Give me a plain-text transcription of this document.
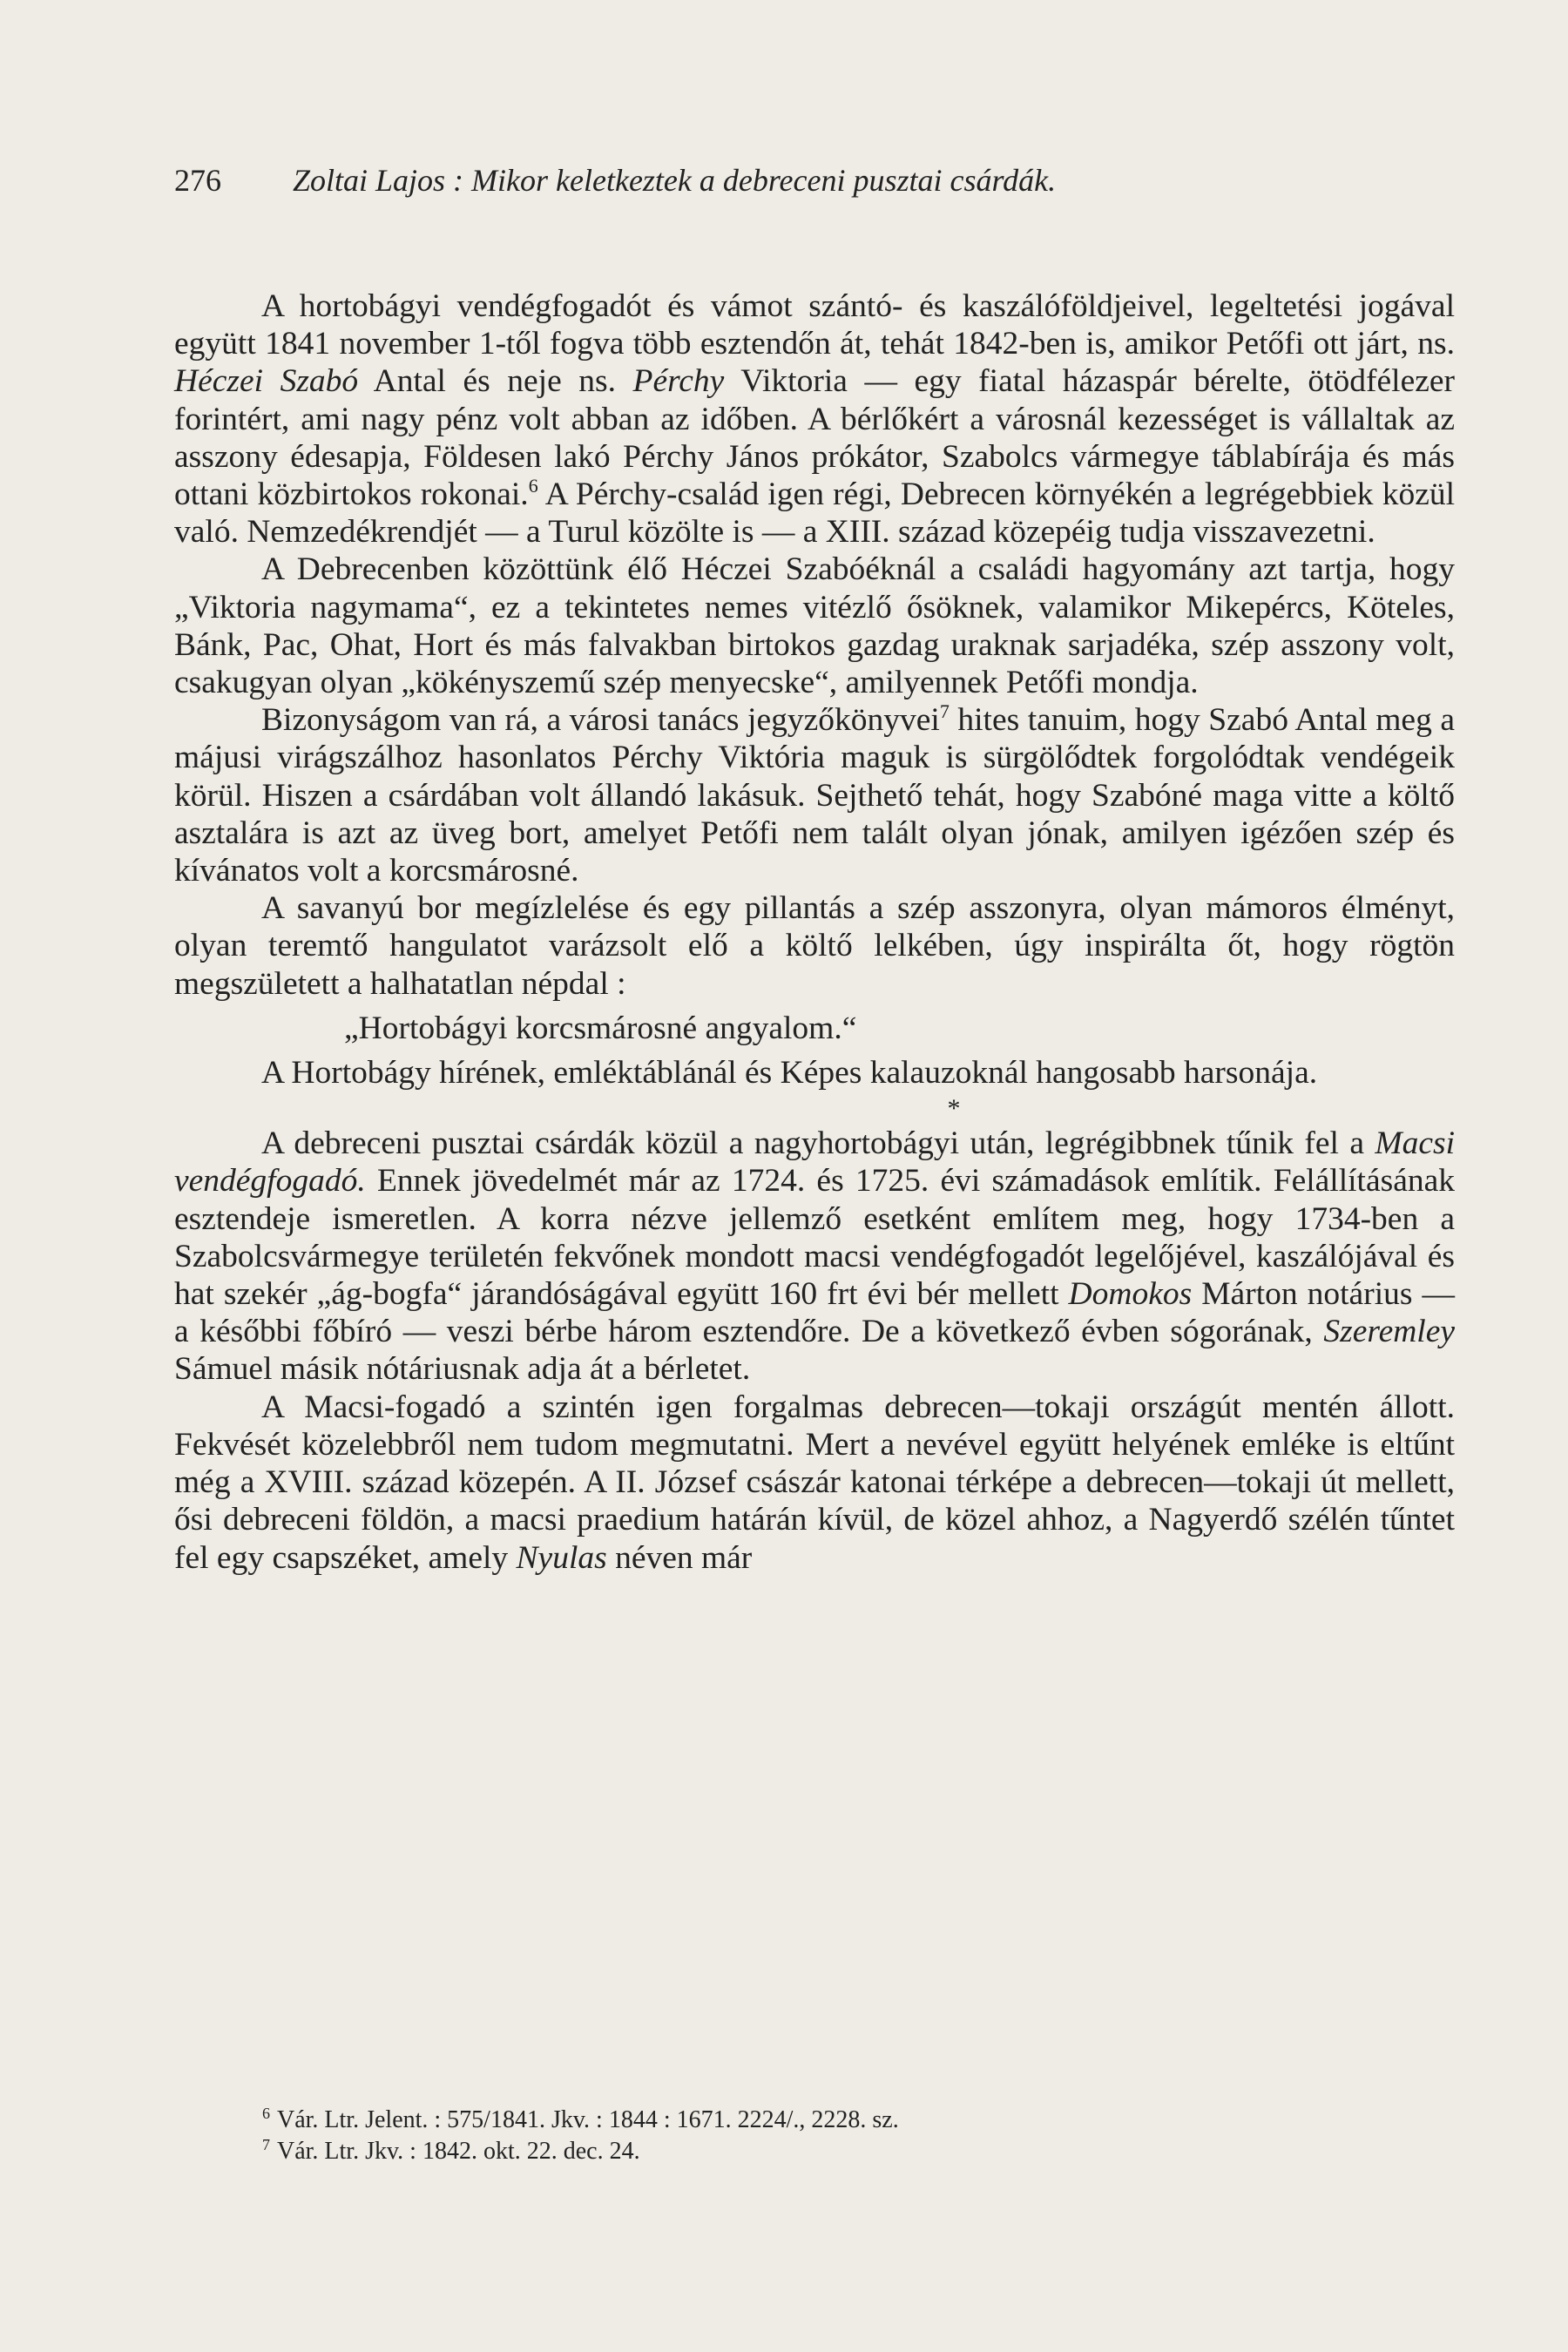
276 Zoltai Lajos : Mikor keletkeztek a debreceni pusztai csárdák.

A hortobágyi vendégfogadót és vámot szántó- és kaszálóföldjeivel, legeltetési jogával együtt 1841 november 1-től fogva több esztendőn át, tehát 1842-ben is, amikor Petőfi ott járt, ns. Héczei Szabó Antal és neje ns. Pérchy Viktoria — egy fiatal házaspár bérelte, ötödfélezer forintért, ami nagy pénz volt abban az időben. A bérlőkért a városnál kezességet is vállaltak az asszony édesapja, Földesen lakó Pérchy János prókátor, Szabolcs vármegye táblabírája és más ottani közbirtokos rokonai.$^6$ A Pérchy-család igen régi, Debrecen környékén a legrégebbiek közül való. Nemzedékrendjét — a Turul közölte is — a XIII. század közepéig tudja visszavezetni.

A Debrecenben közöttünk élő Héczei Szabóéknál a családi hagyomány azt tartja, hogy „Viktoria nagymama“, ez a tekintetes nemes vitézlő ősöknek, valamikor Mikepércs, Köteles, Bánk, Pac, Ohat, Hort és más falvakban birtokos gazdag uraknak sarjadéka, szép asszony volt, csakugyan olyan „kökényszemű szép menyecske“, amilyennek Petőfi mondja.

Bizonyságom van rá, a városi tanács jegyzőkönyvei$^7$ hites tanuim, hogy Szabó Antal meg a májusi virágszálhoz hasonlatos Pérchy Viktória maguk is sürgölődtek forgolódtak vendégeik körül. Hiszen a csárdában volt állandó lakásuk. Sejthető tehát, hogy Szabóné maga vitte a költő asztalára is azt az üveg bort, amelyet Petőfi nem talált olyan jónak, amilyen igézően szép és kívánatos volt a korcsmárosné.

A savanyú bor megízlelése és egy pillantás a szép asszonyra, olyan mámoros élményt, olyan teremtő hangulatot varázsolt elő a költő lelkében, úgy inspirálta őt, hogy rögtön megszületett a halhatatlan népdal :

„Hortobágyi korcsmárosné angyalom.“

A Hortobágy hírének, emléktáblánál és Képes kalauzoknál hangosabb harsonája.

*

A debreceni pusztai csárdák közül a nagyhortobágyi után, legrégibbnek tűnik fel a Macsi vendégfogadó. Ennek jövedelmét már az 1724. és 1725. évi számadások említik. Felállításának esztendeje ismeretlen. A korra nézve jellemző esetként említem meg, hogy 1734-ben a Szabolcsvármegye területén fekvőnek mondott macsi vendégfogadót legelőjével, kaszálójával és hat szekér „ág-bogfa“ járandóságával együtt 160 frt évi bér mellett Domokos Márton notárius — a későbbi főbíró — veszi bérbe három esztendőre. De a következő évben sógorának, Szeremley Sámuel másik nótáriusnak adja át a bérletet.

A Macsi-fogadó a szintén igen forgalmas debrecen—tokaji országút mentén állott. Fekvését közelebbről nem tudom megmutatni. Mert a nevével együtt helyének emléke is eltűnt még a XVIII. század közepén. A II. József császár katonai térképe a debrecen—tokaji út mellett, ősi debreceni földön, a macsi praedium határán kívül, de közel ahhoz, a Nagyerdő szélén tűntet fel egy csapszéket, amely Nyulas néven már

$^6$ Vár. Ltr. Jelent. : 575/1841. Jkv. : 1844 : 1671. 2224/., 2228. sz.
$^7$ Vár. Ltr. Jkv. : 1842. okt. 22. dec. 24.
